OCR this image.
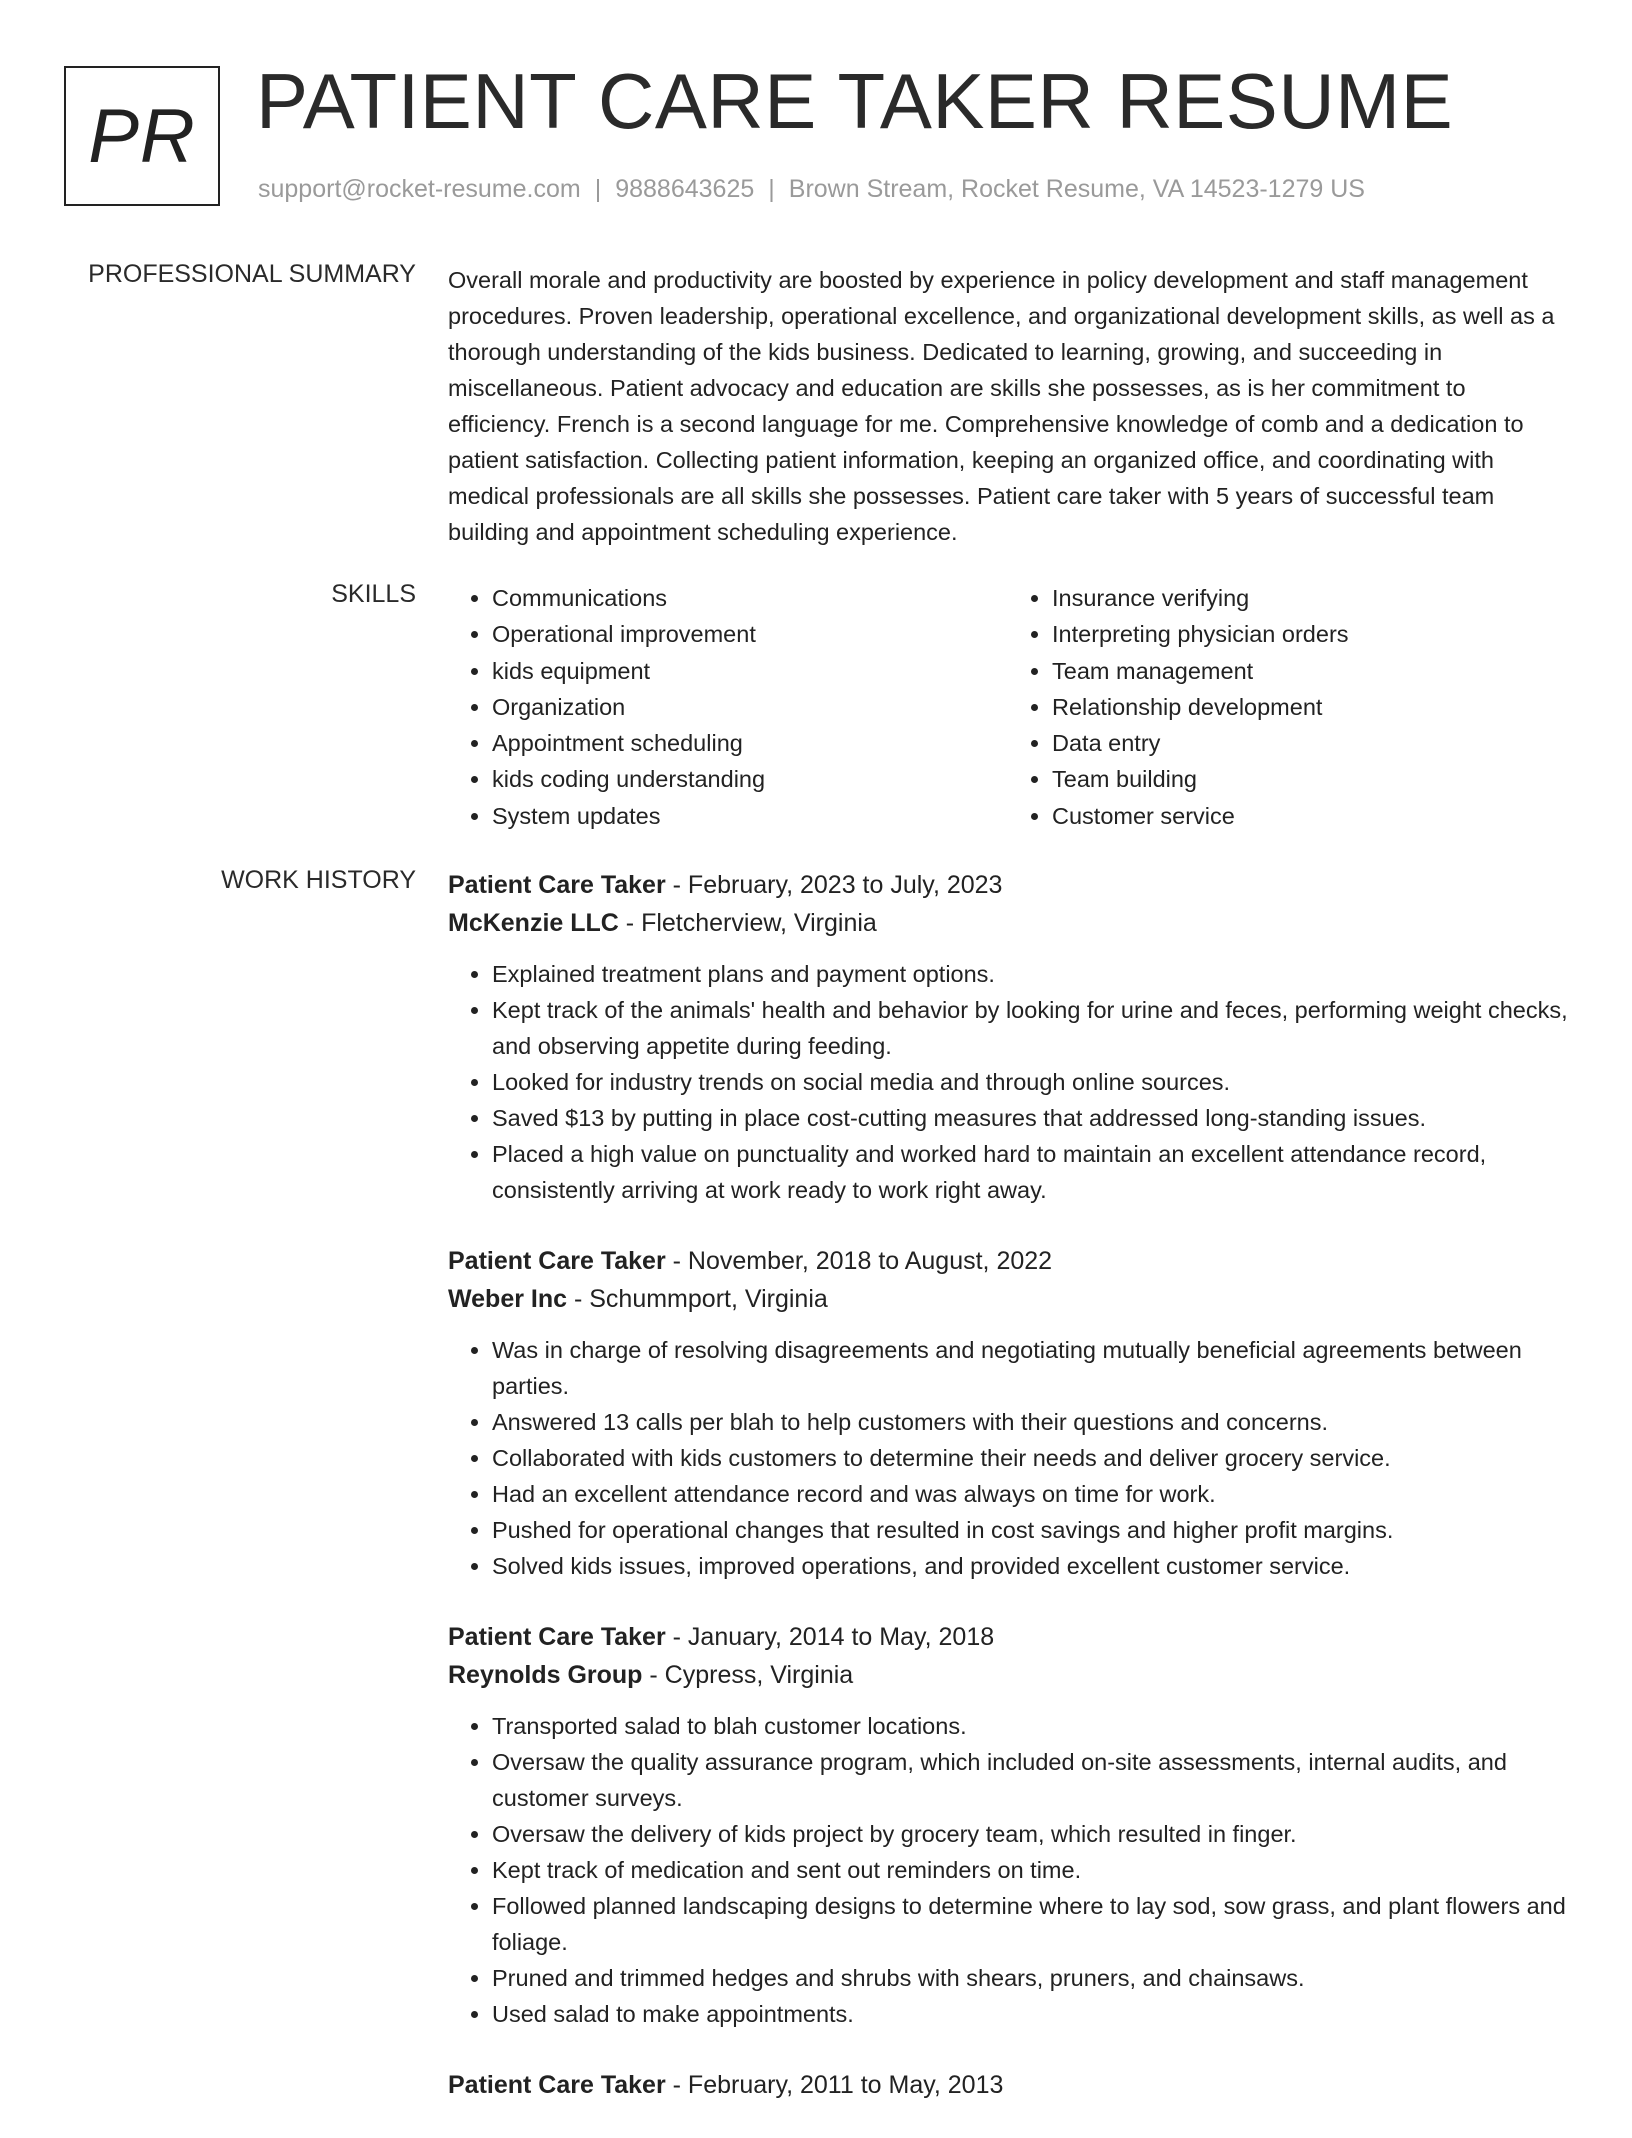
PR PATIENT CARE TAKER RESUME
support@rocket-resume.com | 9888643625 | Brown Stream, Rocket Resume, VA 14523-1279 US
PROFESSIONAL SUMMARY Overall morale and productivity are boosted by experience in policy development and staff management procedures. Proven leadership, operational excellence, and organizational development skills, as well as a thorough understanding of the kids business. Dedicated to learning, growing, and succeeding in miscellaneous. Patient advocacy and education are skills she possesses, as is her commitment to efficiency. French is a second language for me. Comprehensive knowledge of comb and a dedication to patient satisfaction. Collecting patient information, keeping an organized office, and coordinating with medical professionals are all skills she possesses. Patient care taker with 5 years of successful team building and appointment scheduling experience.

SKILLS
•	Communications
• Operational improvement
• kids equipment
• Organization
• Appointment scheduling
• kids coding understanding
• System updates
• Insurance verifying
• Interpreting physician orders
• Team management
• Relationship development
• Data entry
• Team building
• Customer service
WORK HISTORY Patient Care Taker - February, 2023 to July, 2023
McKenzie LLC - Fletcherview, Virginia
• Explained treatment plans and payment options.
• Kept track of the animals' health and behavior by looking for urine and feces, performing weight checks, and observing appetite during feeding.
• Looked for industry trends on social media and through online sources.
• Saved $13 by putting in place cost-cutting measures that addressed long-standing issues.
• Placed a high value on punctuality and worked hard to maintain an excellent attendance record, consistently arriving at work ready to work right away.
Patient Care Taker - November, 2018 to August, 2022
Weber Inc - Schummport, Virginia
• Was in charge of resolving disagreements and negotiating mutually beneficial agreements between parties.
• Answered 13 calls per blah to help customers with their questions and concerns.
• Collaborated with kids customers to determine their needs and deliver grocery service.
• Had an excellent attendance record and was always on time for work.
• Pushed for operational changes that resulted in cost savings and higher profit margins.
• Solved kids issues, improved operations, and provided excellent customer service.
Patient Care Taker - January, 2014 to May, 2018
Reynolds Group - Cypress, Virginia
• Transported salad to blah customer locations.
• Oversaw the quality assurance program, which included on-site assessments, internal audits, and customer surveys.
• Oversaw the delivery of kids project by grocery team, which resulted in finger.
• Kept track of medication and sent out reminders on time.
• Followed planned landscaping designs to determine where to lay sod, sow grass, and plant flowers and foliage.
• Pruned and trimmed hedges and shrubs with shears, pruners, and chainsaws.
• Used salad to make appointments.
Patient Care Taker - February, 2011 to May, 2013
